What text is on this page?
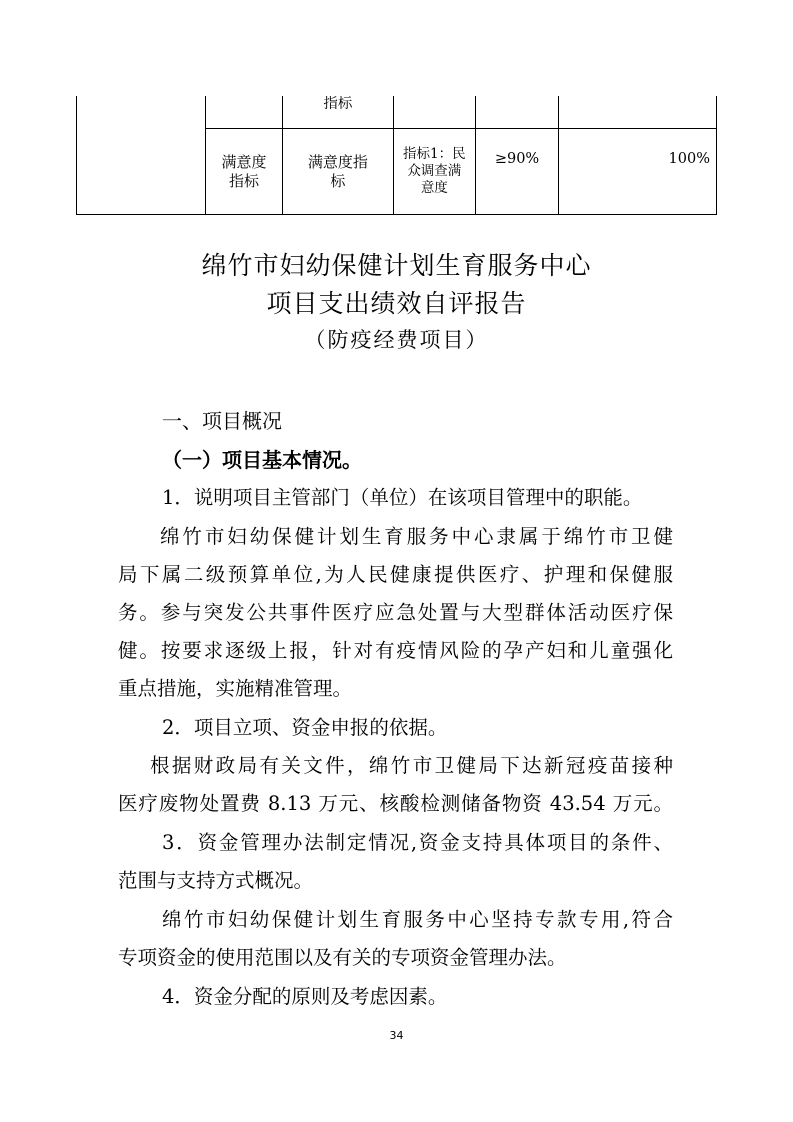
		指标			

	满意度指标	满意度指标	指标1：民众调查满意度	≥90%	100%
绵竹市妇幼保健计划生育服务中心
项目支出绩效自评报告
（防疫经费项目）
一、项目概况
（一）项目基本情况。
1．说明项目主管部门（单位）在该项目管理中的职能。
绵竹市妇幼保健计划生育服务中心隶属于绵竹市卫健
局下属二级预算单位,为人民健康提供医疗、护理和保健服
务。参与突发公共事件医疗应急处置与大型群体活动医疗保
健。按要求逐级上报，针对有疫情风险的孕产妇和儿童强化
重点措施，实施精准管理。
2．项目立项、资金申报的依据。
根据财政局有关文件，绵竹市卫健局下达新冠疫苗接种
医疗废物处置费 8.13 万元、核酸检测储备物资 43.54 万元。
3．资金管理办法制定情况,资金支持具体项目的条件、
范围与支持方式概况。
绵竹市妇幼保健计划生育服务中心坚持专款专用,符合
专项资金的使用范围以及有关的专项资金管理办法。
4．资金分配的原则及考虑因素。
34
